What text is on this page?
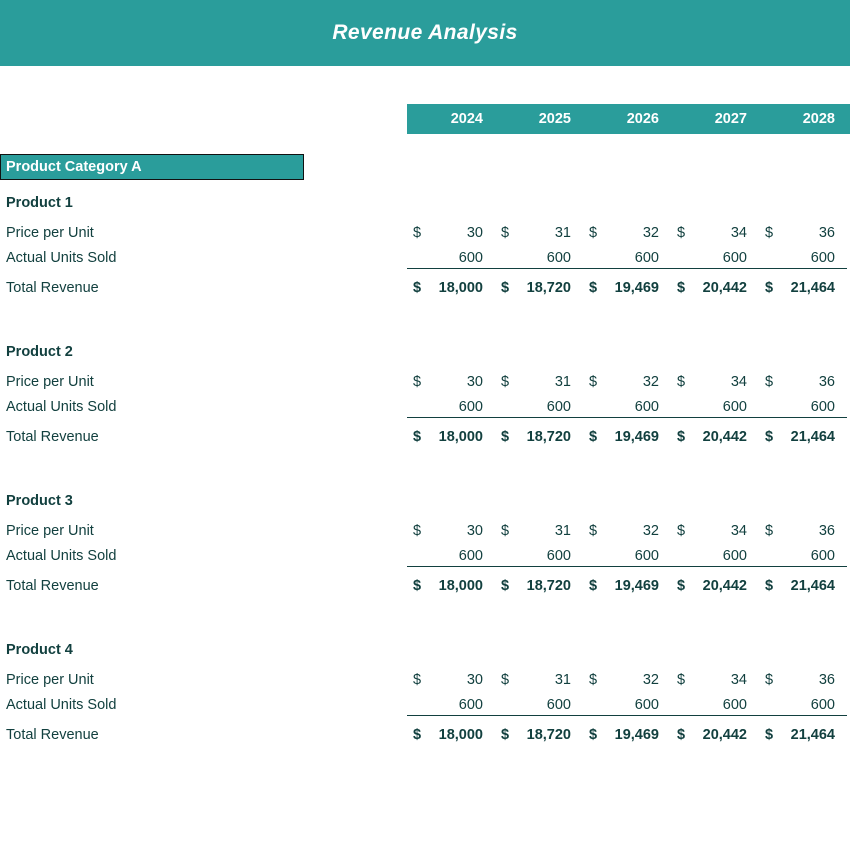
Revenue Analysis
2024	2025	2026	2027	2028
Product Category A
Product 1
Price per Unit	$	30 $	31 $	32 $	34 $	36
Actual Units Sold	600	600	600	600	600
Total Revenue	$ 18,000 $ 18,720 $ 19,469 $ 20,442 $ 21,464
Product 2
Price per Unit	$	30 $	31 $	32 $	34 $	36
Actual Units Sold	600	600	600	600	600
Total Revenue	$ 18,000 $ 18,720 $ 19,469 $ 20,442 $ 21,464
Product 3
Price per Unit	$	30 $	31 $	32 $	34 $	36
Actual Units Sold	600	600	600	600	600
Total Revenue	$ 18,000 $ 18,720 $ 19,469 $ 20,442 $ 21,464
Product 4
Price per Unit	$	30 $	31 $	32 $	34 $	36
Actual Units Sold	600	600	600	600	600
Total Revenue	$ 18,000 $ 18,720 $ 19,469 $ 20,442 $ 21,464
